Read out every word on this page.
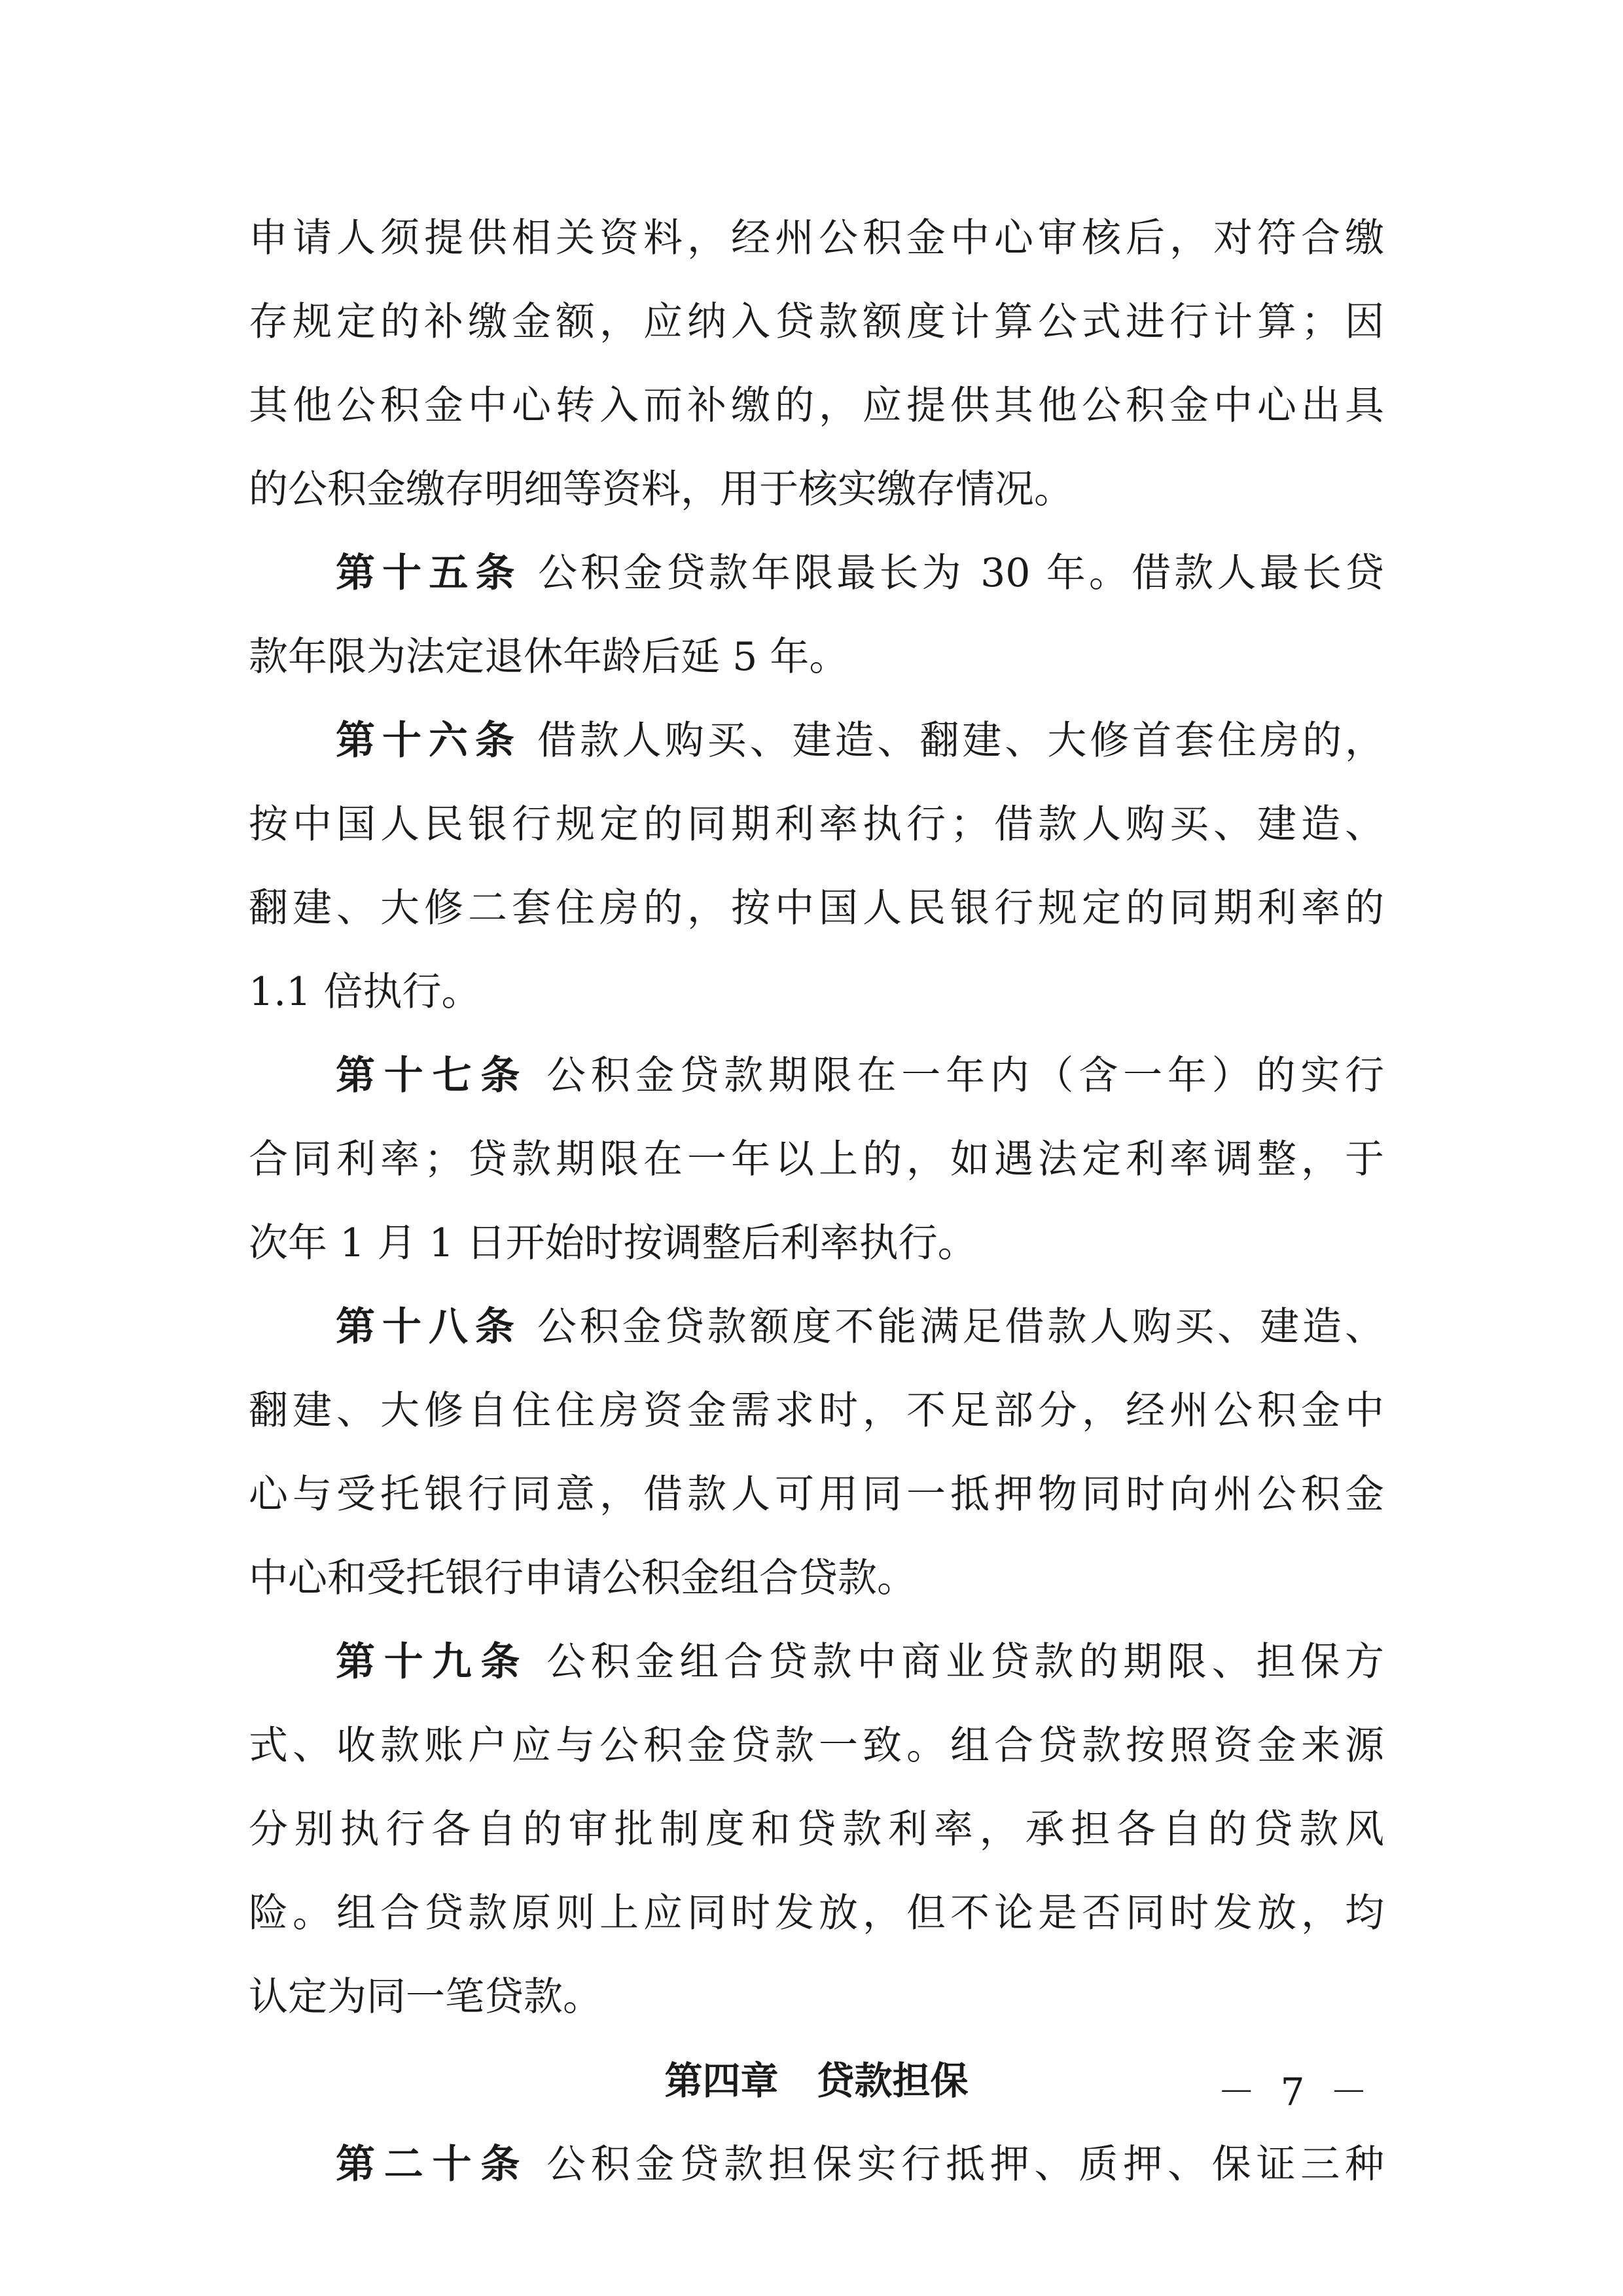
申请人须提供相关资料，经州公积金中心审核后，对符合缴
存规定的补缴金额，应纳入贷款额度计算公式进行计算；因
其他公积金中心转入而补缴的，应提供其他公积金中心出具
的公积金缴存明细等资料，用于核实缴存情况。
第十五条 公积金贷款年限最长为 30 年。借款人最长贷
款年限为法定退休年龄后延 5 年。
第十六条 借款人购买、建造、翻建、大修首套住房的，
按中国人民银行规定的同期利率执行；借款人购买、建造、
翻建、大修二套住房的，按中国人民银行规定的同期利率的
1.1 倍执行。
第十七条 公积金贷款期限在一年内（含一年）的实行
合同利率；贷款期限在一年以上的，如遇法定利率调整，于
次年 1 月 1 日开始时按调整后利率执行。
第十八条 公积金贷款额度不能满足借款人购买、建造、
翻建、大修自住住房资金需求时，不足部分，经州公积金中
心与受托银行同意，借款人可用同一抵押物同时向州公积金
中心和受托银行申请公积金组合贷款。
第十九条 公积金组合贷款中商业贷款的期限、担保方
式、收款账户应与公积金贷款一致。组合贷款按照资金来源
分别执行各自的审批制度和贷款利率，承担各自的贷款风
险。组合贷款原则上应同时发放，但不论是否同时发放，均
认定为同一笔贷款。
第四章　贷款担保
第二十条 公积金贷款担保实行抵押、质押、保证三种
－ 7 －
